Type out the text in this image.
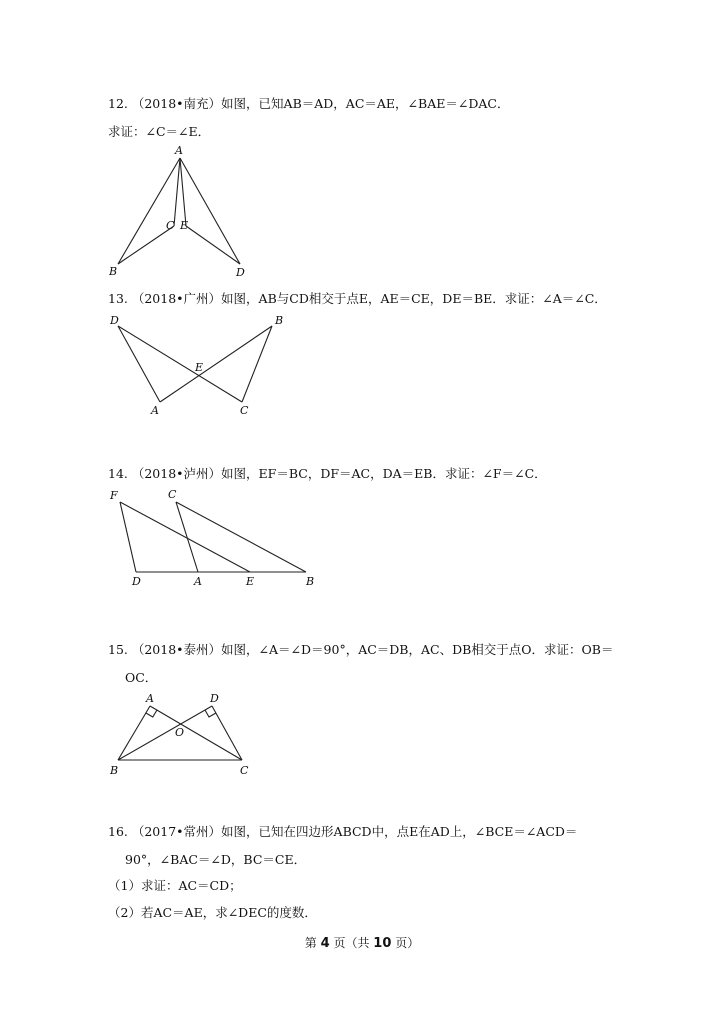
12. （2018•南充）如图，已知AB＝AD，AC＝AE，∠BAE＝∠DAC．
求证：∠C＝∠E．
A
B
C E
D
13. （2018•广州）如图，AB与CD相交于点E，AE＝CE，DE＝BE．求证：∠A＝∠C．
D	B
E
A	C
14. （2018•泸州）如图，EF＝BC，DF＝AC，DA＝EB．求证：∠F＝∠C．
F	C
D	A	E	B
15. （2018•泰州）如图，∠A＝∠D＝90°，AC＝DB，AC、DB相交于点O．求证：OB＝
OC．
A	D
O
B	C
16. （2017•常州）如图，已知在四边形ABCD中，点E在AD上，∠BCE＝∠ACD＝
90°，∠BAC＝∠D，BC＝CE．
（1）求证：AC＝CD；
（2）若AC＝AE，求∠DEC的度数．
第 4 页（共 10 页）
